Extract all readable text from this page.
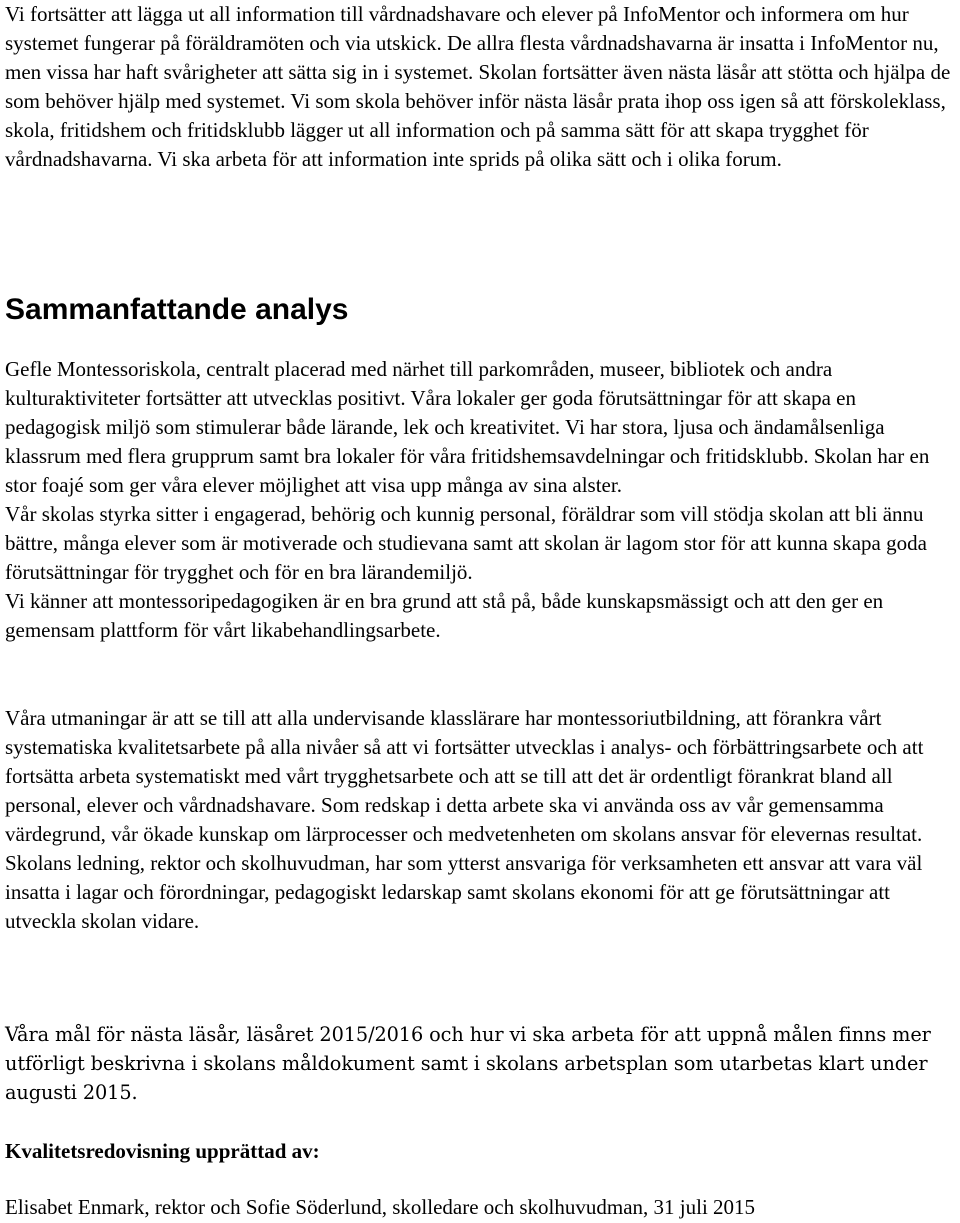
Vi fortsätter att lägga ut all information till vårdnadshavare och elever på InfoMentor och informera om hur systemet fungerar på föräldramöten och via utskick. De allra flesta vårdnadshavarna är insatta i InfoMentor nu, men vissa har haft svårigheter att sätta sig in i systemet. Skolan fortsätter även nästa läsår att stötta och hjälpa de som behöver hjälp med systemet. Vi som skola behöver inför nästa läsår prata ihop oss igen så att förskoleklass, skola, fritidshem och fritidsklubb lägger ut all information och på samma sätt för att skapa trygghet för vårdnadshavarna. Vi ska arbeta för att information inte sprids på olika sätt och i olika forum.

Sammanfattande analys

Gefle Montessoriskola, centralt placerad med närhet till parkområden, museer, bibliotek och andra kulturaktiviteter fortsätter att utvecklas positivt. Våra lokaler ger goda förutsättningar för att skapa en pedagogisk miljö som stimulerar både lärande, lek och kreativitet. Vi har stora, ljusa och ändamålsenliga klassrum med flera grupprum samt bra lokaler för våra fritidshemsavdelningar och fritidsklubb. Skolan har en stor foajé som ger våra elever möjlighet att visa upp många av sina alster.

Vår skolas styrka sitter i engagerad, behörig och kunnig personal, föräldrar som vill stödja skolan att bli ännu bättre, många elever som är motiverade och studievana samt att skolan är lagom stor för att kunna skapa goda förutsättningar för trygghet och för en bra lärandemiljö.

Vi känner att montessoripedagogiken är en bra grund att stå på, både kunskapsmässigt och att den ger en gemensam plattform för vårt likabehandlingsarbete.

Våra utmaningar är att se till att alla undervisande klasslärare har montessoriutbildning, att förankra vårt systematiska kvalitetsarbete på alla nivåer så att vi fortsätter utvecklas i analys- och förbättringsarbete och att fortsätta arbeta systematiskt med vårt trygghetsarbete och att se till att det är ordentligt förankrat bland all personal, elever och vårdnadshavare. Som redskap i detta arbete ska vi använda oss av vår gemensamma värdegrund, vår ökade kunskap om lärprocesser och medvetenheten om skolans ansvar för elevernas resultat.

Skolans ledning, rektor och skolhuvudman, har som ytterst ansvariga för verksamheten ett ansvar att vara väl insatta i lagar och förordningar, pedagogiskt ledarskap samt skolans ekonomi för att ge förutsättningar att utveckla skolan vidare.

Våra mål för nästa läsår, läsåret 2015/2016 och hur vi ska arbeta för att uppnå målen finns mer utförligt beskrivna i skolans måldokument samt i skolans arbetsplan som utarbetas klart under augusti 2015.

Kvalitetsredovisning upprättad av:

Elisabet Enmark, rektor och Sofie Söderlund, skolledare och skolhuvudman, 31 juli 2015
